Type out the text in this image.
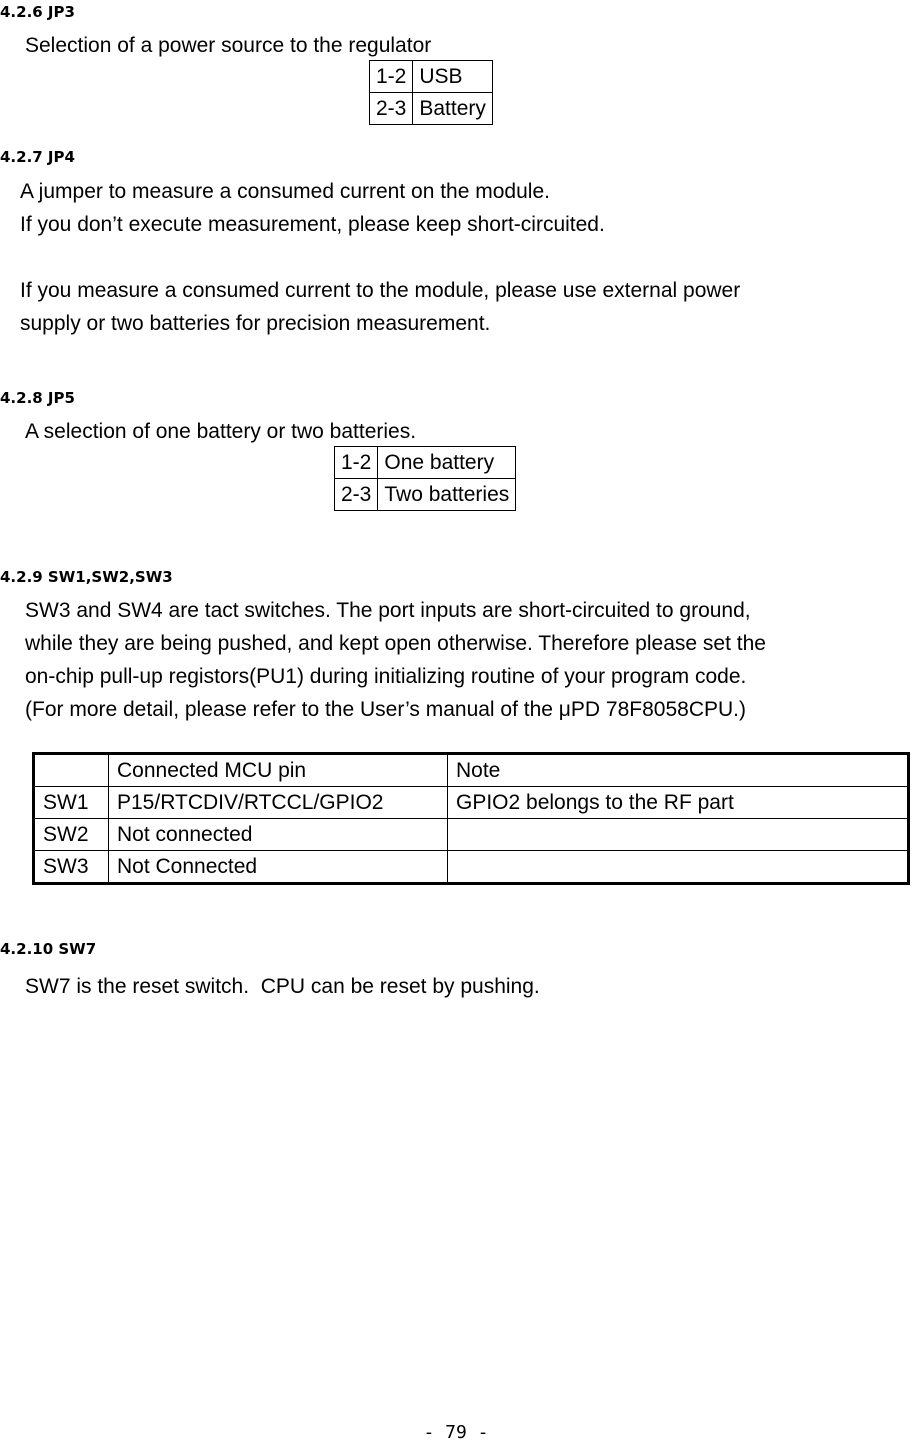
4.2.6 JP3

Selection of a power source to the regulator

1-2	USB
2-3	Battery
4.2.7 JP4

A jumper to measure a consumed current on the module.
If you don’t execute measurement, please keep short-circuited.
If you measure a consumed current to the module, please use external power
supply or two batteries for precision measurement.

4.2.8 JP5

A selection of one battery or two batteries.

1-2	One battery
2-3	Two batteries
4.2.9 SW1,SW2,SW3

SW3 and SW4 are tact switches. The port inputs are short-circuited to ground,
while they are being pushed, and kept open otherwise. Therefore please set the
on-chip pull-up registors(PU1) during initializing routine of your program code.
(For more detail, please refer to the User’s manual of the μPD 78F8058CPU.)

	Connected MCU pin	Note
SW1	P15/RTCDIV/RTCCL/GPIO2	GPIO2 belongs to the RF part
SW2	Not connected	
SW3	Not Connected	
4.2.10 SW7

SW7 is the reset switch.  CPU can be reset by pushing.

- 79 -
